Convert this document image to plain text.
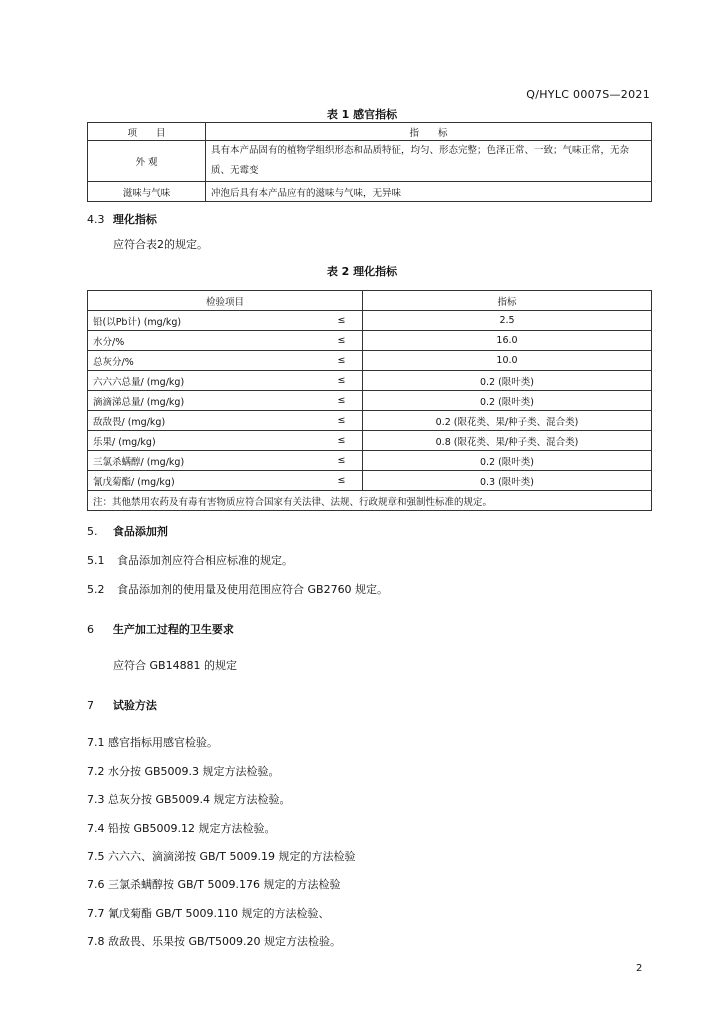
Q/HYLC 0007S—2021
表 1 感官指标
项　　目	指　　标
外 观	具有本产品固有的植物学组织形态和品质特征，均匀、形态完整；色泽正常、一致；气味正常，无杂质、无霉变
滋味与气味	冲泡后具有本产品应有的滋味与气味，无异味
4.3 理化指标
应符合表2的规定。
表 2 理化指标
检验项目		指标
铅(以Pb计) (mg/kg)	≤	2.5
水分/%	≤	16.0
总灰分/%	≤	10.0
六六六总量/ (mg/kg)	≤	0.2 (限叶类)
滴滴涕总量/ (mg/kg)	≤	0.2 (限叶类)
敌敌畏/ (mg/kg)	≤	0.2 (限花类、果/种子类、混合类)
乐果/ (mg/kg)	≤	0.8 (限花类、果/种子类、混合类)
三氯杀螨醇/ (mg/kg)	≤	0.2 (限叶类)
氰戊菊酯/ (mg/kg)	≤	0.3 (限叶类)
注：其他禁用农药及有毒有害物质应符合国家有关法律、法规、行政规章和强制性标准的规定。		
5. 食品添加剂
5.1 食品添加剂应符合相应标准的规定。
5.2 食品添加剂的使用量及使用范围应符合 GB2760 规定。
6 生产加工过程的卫生要求
应符合 GB14881 的规定
7 试验方法
7.1 感官指标用感官检验。
7.2 水分按 GB5009.3 规定方法检验。
7.3 总灰分按 GB5009.4 规定方法检验。
7.4 铅按 GB5009.12 规定方法检验。
7.5 六六六、滴滴涕按 GB/T 5009.19 规定的方法检验
7.6 三氯杀螨醇按 GB/T 5009.176 规定的方法检验
7.7 氰戊菊酯 GB/T 5009.110 规定的方法检验、
7.8 敌敌畏、乐果按 GB/T5009.20 规定方法检验。
2
